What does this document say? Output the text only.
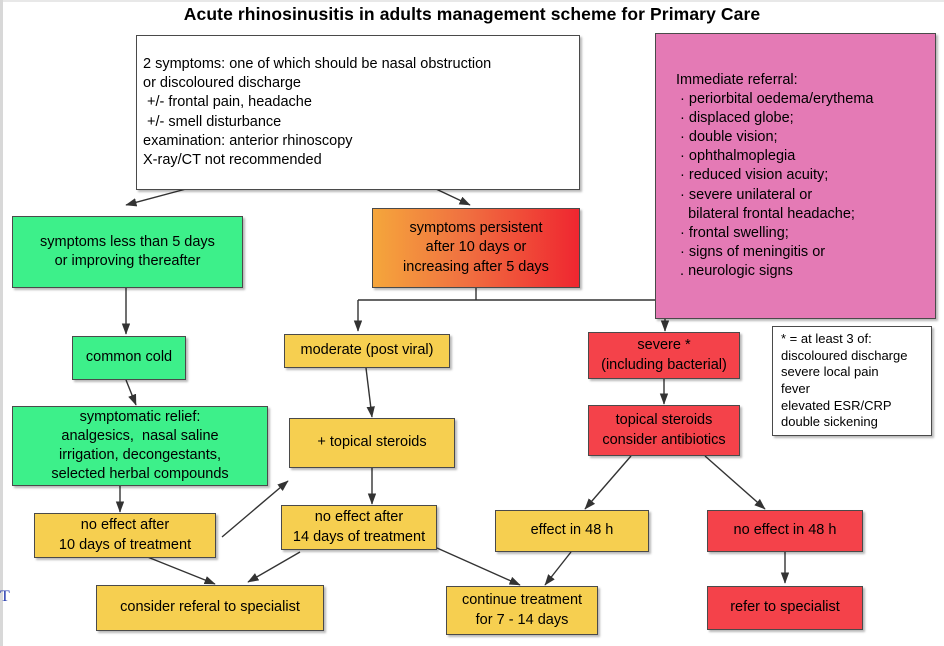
Acute rhinosinusitis in adults management scheme for Primary Care
2 symptoms: one of which should be nasal obstruction
or discoloured discharge
+/- frontal pain, headache
+/- smell disturbance
examination: anterior rhinoscopy
X-ray/CT not recommended
Immediate referral:
· periorbital oedema/erythema
· displaced globe;
· double vision;
· ophthalmoplegia
· reduced vision acuity;
· severe unilateral or
bilateral frontal headache;
· frontal swelling;
· signs of meningitis or
. neurologic signs
symptoms less than 5 days
or improving thereafter
symptoms persistent
after 10 days or
increasing after 5 days
* = at least 3 of:
discoloured discharge
severe local pain
fever
elevated ESR/CRP
double sickening
common cold	moderate (post viral)	severe *
(including bacterial)
symptomatic relief:
analgesics,  nasal saline
irrigation, decongestants,
selected herbal compounds
+ topical steroids
topical steroids
consider antibiotics
no effect after
10 days of treatment
no effect after
14 days of treatment	effect in 48 h	no effect in 48 h
consider referal to specialist	continue treatment
for 7 - 14 days
refer to specialist
T
